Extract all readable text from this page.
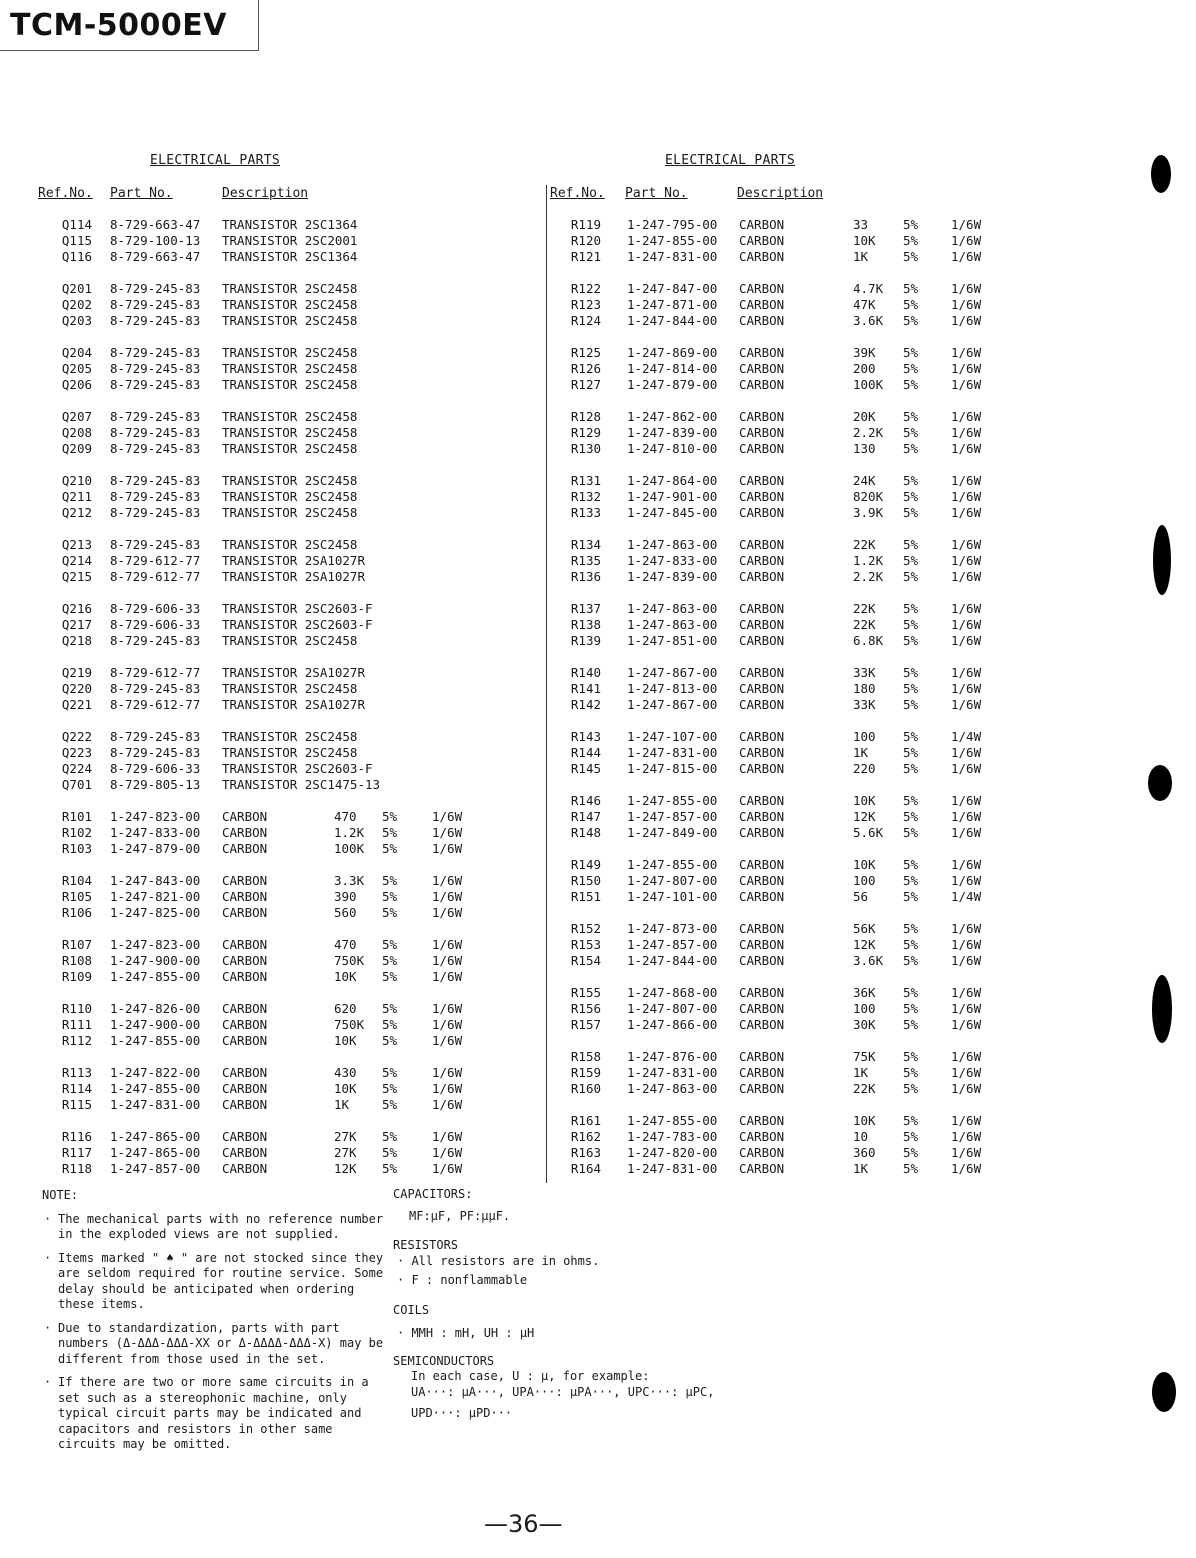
TCM-5000EV
ELECTRICAL PARTS	ELECTRICAL PARTS
Ref.No. Part No.	Description	Ref.No. Part No.	Description
Q114 8-729-663-47 TRANSISTOR 2SC1364
Q115 8-729-100-13 TRANSISTOR 2SC2001
Q116 8-729-663-47 TRANSISTOR 2SC1364
Q201 8-729-245-83 TRANSISTOR 2SC2458
Q202 8-729-245-83 TRANSISTOR 2SC2458
Q203 8-729-245-83 TRANSISTOR 2SC2458
Q204 8-729-245-83 TRANSISTOR 2SC2458
Q205 8-729-245-83 TRANSISTOR 2SC2458
Q206 8-729-245-83 TRANSISTOR 2SC2458
Q207 8-729-245-83 TRANSISTOR 2SC2458
Q208 8-729-245-83 TRANSISTOR 2SC2458
Q209 8-729-245-83 TRANSISTOR 2SC2458
Q210 8-729-245-83 TRANSISTOR 2SC2458
Q211 8-729-245-83 TRANSISTOR 2SC2458
Q212 8-729-245-83 TRANSISTOR 2SC2458
Q213 8-729-245-83 TRANSISTOR 2SC2458
Q214 8-729-612-77 TRANSISTOR 2SA1027R
Q215 8-729-612-77 TRANSISTOR 2SA1027R
Q216 8-729-606-33 TRANSISTOR 2SC2603-F
Q217 8-729-606-33 TRANSISTOR 2SC2603-F
Q218 8-729-245-83 TRANSISTOR 2SC2458
Q219 8-729-612-77 TRANSISTOR 2SA1027R
Q220 8-729-245-83 TRANSISTOR 2SC2458
Q221 8-729-612-77 TRANSISTOR 2SA1027R
Q222 8-729-245-83 TRANSISTOR 2SC2458
Q223 8-729-245-83 TRANSISTOR 2SC2458
Q224 8-729-606-33 TRANSISTOR 2SC2603-F
Q701 8-729-805-13 TRANSISTOR 2SC1475-13
R101 1-247-823-00 CARBON	470 5%	1/6W
R102 1-247-833-00 CARBON	1.2K 5%	1/6W
R103 1-247-879-00 CARBON	100K 5%	1/6W
R104 1-247-843-00 CARBON	3.3K 5%	1/6W
R105 1-247-821-00 CARBON	390 5%	1/6W
R106 1-247-825-00 CARBON	560 5%	1/6W
R107 1-247-823-00 CARBON	470 5%	1/6W
R108 1-247-900-00 CARBON	750K 5%	1/6W
R109 1-247-855-00 CARBON	10K 5%	1/6W
R110 1-247-826-00 CARBON	620 5%	1/6W
R111 1-247-900-00 CARBON	750K 5%	1/6W
R112 1-247-855-00 CARBON	10K 5%	1/6W
R113 1-247-822-00 CARBON	430 5%	1/6W
R114 1-247-855-00 CARBON	10K 5%	1/6W
R115 1-247-831-00 CARBON	1K	5%	1/6W
R116 1-247-865-00 CARBON	27K 5%	1/6W
R117 1-247-865-00 CARBON	27K 5%	1/6W
R118 1-247-857-00 CARBON	12K 5%	1/6W
R119 1-247-795-00 CARBON	33	5%	1/6W
R120 1-247-855-00 CARBON	10K 5%	1/6W
R121 1-247-831-00 CARBON	1K	5%	1/6W
R122 1-247-847-00 CARBON	4.7K 5%	1/6W
R123 1-247-871-00 CARBON	47K 5%	1/6W
R124 1-247-844-00 CARBON	3.6K 5%	1/6W
R125 1-247-869-00 CARBON	39K 5%	1/6W
R126 1-247-814-00 CARBON	200 5%	1/6W
R127 1-247-879-00 CARBON	100K 5%	1/6W
R128 1-247-862-00 CARBON	20K 5%	1/6W
R129 1-247-839-00 CARBON	2.2K 5%	1/6W
R130 1-247-810-00 CARBON	130 5%	1/6W
R131 1-247-864-00 CARBON	24K 5%	1/6W
R132 1-247-901-00 CARBON	820K 5%	1/6W
R133 1-247-845-00 CARBON	3.9K 5%	1/6W
R134 1-247-863-00 CARBON	22K 5%	1/6W
R135 1-247-833-00 CARBON	1.2K 5%	1/6W
R136 1-247-839-00 CARBON	2.2K 5%	1/6W
R137 1-247-863-00 CARBON	22K 5%	1/6W
R138 1-247-863-00 CARBON	22K 5%	1/6W
R139 1-247-851-00 CARBON	6.8K 5%	1/6W
R140 1-247-867-00 CARBON	33K 5%	1/6W
R141 1-247-813-00 CARBON	180 5%	1/6W
R142 1-247-867-00 CARBON	33K 5%	1/6W
R143 1-247-107-00 CARBON	100 5%	1/4W
R144 1-247-831-00 CARBON	1K	5%	1/6W
R145 1-247-815-00 CARBON	220 5%	1/6W
R146 1-247-855-00 CARBON	10K 5%	1/6W
R147 1-247-857-00 CARBON	12K 5%	1/6W
R148 1-247-849-00 CARBON	5.6K 5%	1/6W
R149 1-247-855-00 CARBON	10K 5%	1/6W
R150 1-247-807-00 CARBON	100 5%	1/6W
R151 1-247-101-00 CARBON	56	5%	1/4W
R152 1-247-873-00 CARBON	56K 5%	1/6W
R153 1-247-857-00 CARBON	12K 5%	1/6W
R154 1-247-844-00 CARBON	3.6K 5%	1/6W
R155 1-247-868-00 CARBON	36K 5%	1/6W
R156 1-247-807-00 CARBON	100 5%	1/6W
R157 1-247-866-00 CARBON	30K 5%	1/6W
R158 1-247-876-00 CARBON	75K 5%	1/6W
R159 1-247-831-00 CARBON	1K	5%	1/6W
R160 1-247-863-00 CARBON	22K 5%	1/6W
R161 1-247-855-00 CARBON	10K 5%	1/6W
R162 1-247-783-00 CARBON	10	5%	1/6W
R163 1-247-820-00 CARBON	360 5%	1/6W
R164 1-247-831-00 CARBON	1K	5%	1/6W
NOTE:
· The mechanical parts with no reference number in the exploded views are not supplied.
· Items marked " ♠ " are not stocked since they are seldom required for routine service. Some delay should be anticipated when ordering these items.
· Due to standardization, parts with part numbers (Δ-ΔΔΔ-ΔΔΔ-XX or Δ-ΔΔΔΔ-ΔΔΔ-X) may be different from those used in the set.
· If there are two or more same circuits in a set such as a stereophonic machine, only typical circuit parts may be indicated and capacitors and resistors in other same circuits may be omitted.
CAPACITORS:
MF:µF, PF:µµF.
RESISTORS
· All resistors are in ohms.
· F : nonflammable
COILS
· MMH : mH, UH : µH
SEMICONDUCTORS
In each case, U : µ, for example:
UA···: µA···, UPA···: µPA···, UPC···: µPC,
UPD···: µPD···
—36—
